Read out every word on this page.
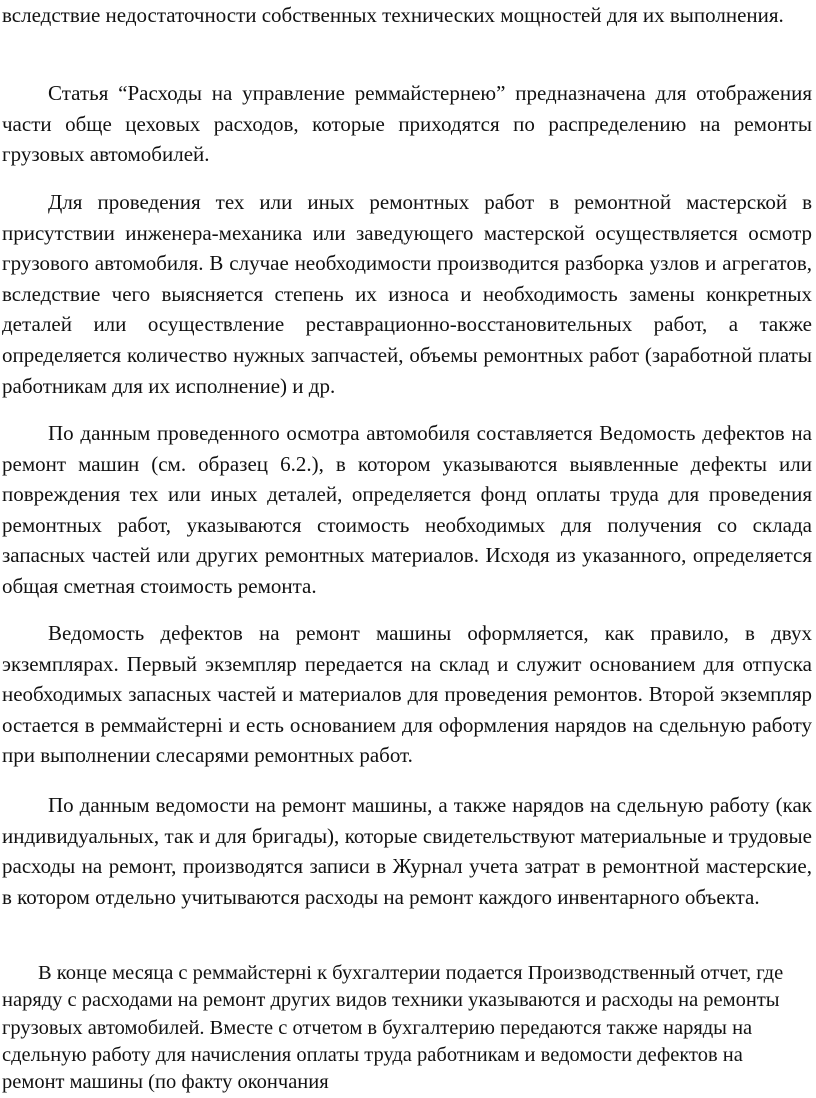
вследствие недостаточности собственных технических мощностей для их выполнения.

Статья “Расходы на управление реммайстернею” предназначена для отображения части обще цеховых расходов, которые приходятся по распределению на ремонты грузовых автомобилей.

Для проведения тех или иных ремонтных работ в ремонтной мастерской в присутствии инженера-механика или заведующего мастерской осуществляется осмотр грузового автомобиля. В случае необходимости производится разборка узлов и агрегатов, вследствие чего выясняется степень их износа и необходимость замены конкретных деталей или осуществление реставрационно-восстановительных работ, а также определяется количество нужных запчастей, объемы ремонтных работ (заработной платы работникам для их исполнение) и др.

По данным проведенного осмотра автомобиля составляется Ведомость дефектов на ремонт машин (см. образец 6.2.), в котором указываются выявленные дефекты или повреждения тех или иных деталей, определяется фонд оплаты труда для проведения ремонтных работ, указываются стоимость необходимых для получения со склада запасных частей или других ремонтных материалов. Исходя из указанного, определяется общая сметная стоимость ремонта.

Ведомость дефектов на ремонт машины оформляется, как правило, в двух экземплярах. Первый экземпляр передается на склад и служит основанием для отпуска необходимых запасных частей и материалов для проведения ремонтов. Второй экземпляр остается в реммайстерні и есть основанием для оформления нарядов на сдельную работу при выполнении слесарями ремонтных работ.

По данным ведомости на ремонт машины, а также нарядов на сдельную работу (как индивидуальных, так и для бригады), которые свидетельствуют материальные и трудовые расходы на ремонт, производятся записи в Журнал учета затрат в ремонтной мастерские, в котором отдельно учитываются расходы на ремонт каждого инвентарного объекта.

В конце месяца с реммайстерні к бухгалтерии подается Производственный отчет, где наряду с расходами на ремонт других видов техники указываются и расходы на ремонты грузовых автомобилей. Вместе с отчетом в бухгалтерию передаются также наряды на сдельную работу для начисления оплаты труда работникам и ведомости дефектов на ремонт машины (по факту окончания
